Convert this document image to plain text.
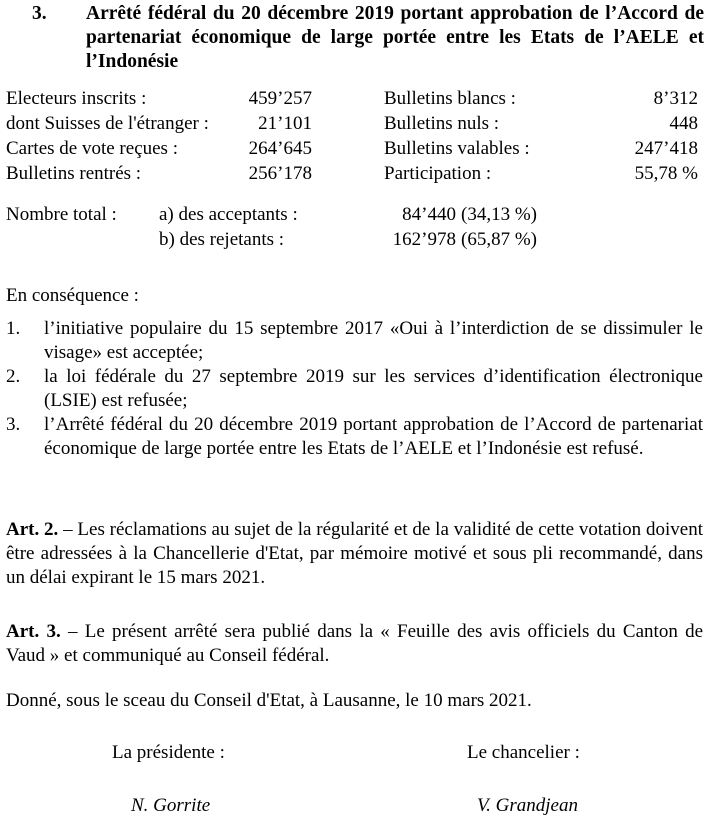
3. Arrêté fédéral du 20 décembre 2019 portant approbation de l’Accord de partenariat économique de large portée entre les Etats de l’AELE et l’Indonésie
Electeurs inscrits :	459’257	Bulletins blancs :	8’312
dont Suisses de l'étranger :	21’101	Bulletins nuls :	448
Cartes de vote reçues :	264’645	Bulletins valables :	247’418
Bulletins rentrés :	256’178	Participation :	55,78 %
Nombre total : a) des acceptants :	84’440 (34,13 %)
b) des rejetants :	162’978 (65,87 %)
En conséquence :
1. l’initiative populaire du 15 septembre 2017 «Oui à l’interdiction de se dissimuler le visage» est acceptée;
2. la loi fédérale du 27 septembre 2019 sur les services d’identification électronique (LSIE) est refusée;
3. l’Arrêté fédéral du 20 décembre 2019 portant approbation de l’Accord de partenariat économique de large portée entre les Etats de l’AELE et l’Indonésie est refusé.
Art. 2. – Les réclamations au sujet de la régularité et de la validité de cette votation doivent être adressées à la Chancellerie d'Etat, par mémoire motivé et sous pli recommandé, dans un délai expirant le 15 mars 2021.
Art. 3. – Le présent arrêté sera publié dans la « Feuille des avis officiels du Canton de Vaud » et communiqué au Conseil fédéral.
Donné, sous le sceau du Conseil d'Etat, à Lausanne, le 10 mars 2021.
La présidente :	Le chancelier :
N. Gorrite	V. Grandjean
